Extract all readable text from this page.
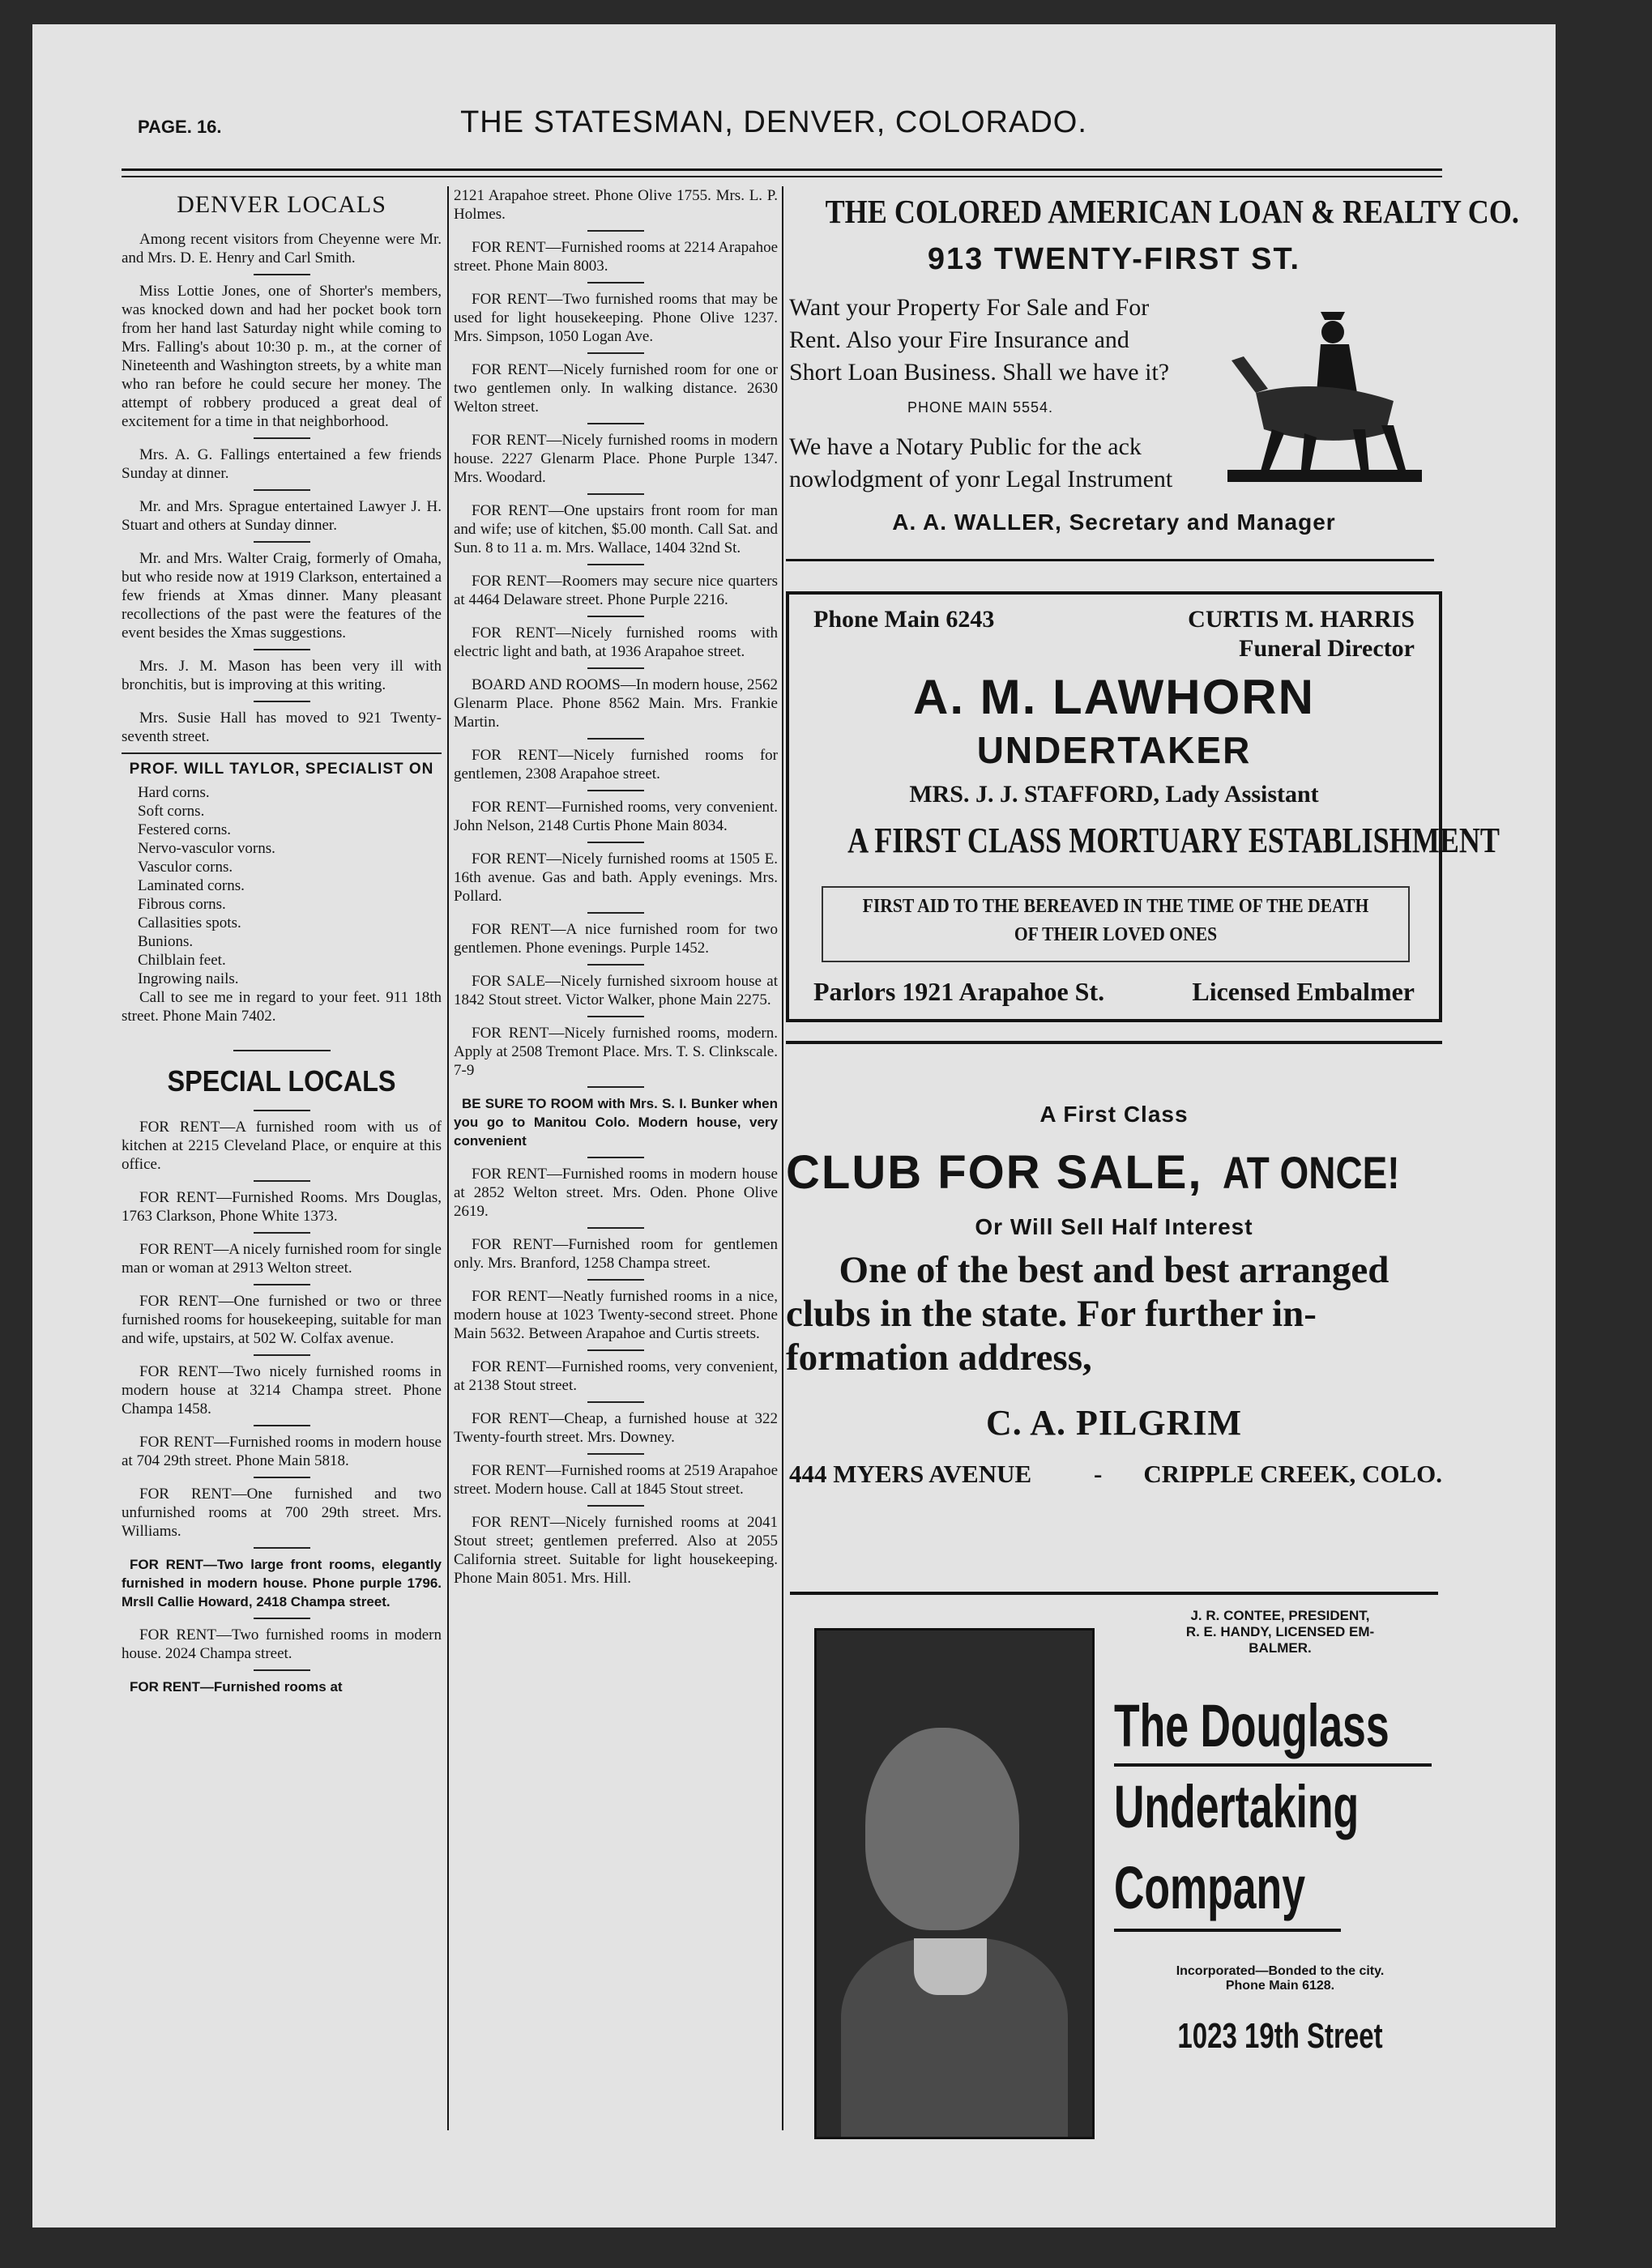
PAGE. 16.	THE STATESMAN, DENVER, COLORADO.
DENVER LOCALS

Among recent visitors from Cheyenne were Mr. and Mrs. D. E. Henry and Carl Smith.

Miss Lottie Jones, one of Shorter's members, was knocked down and had her pocket book torn from her hand last Saturday night while coming to Mrs. Falling's about 10:30 p. m., at the corner of Nineteenth and Washington streets, by a white man who ran before he could secure her money. The attempt of robbery produced a great deal of excitement for a time in that neighborhood.

Mrs. A. G. Fallings entertained a few friends Sunday at dinner.

Mr. and Mrs. Sprague entertained Lawyer J. H. Stuart and others at Sunday dinner.

Mr. and Mrs. Walter Craig, formerly of Omaha, but who reside now at 1919 Clarkson, entertained a few friends at Xmas dinner. Many pleasant recollections of the past were the features of the event besides the Xmas suggestions.

Mrs. J. M. Mason has been very ill with bronchitis, but is improving at this writing.

Mrs. Susie Hall has moved to 921 Twenty-seventh street.

PROF. WILL TAYLOR, SPECIALIST ON
Hard corns.
Soft corns.
Festered corns.
Nervo-vasculor vorns.
Vasculor corns.
Laminated corns.
Fibrous corns.
Callasities spots.
Bunions.
Chilblain feet.
Ingrowing nails.
Call to see me in regard to your feet. 911 18th street. Phone Main 7402.
SPECIAL LOCALS

FOR RENT—A furnished room with us of kitchen at 2215 Cleveland Place, or enquire at this office.

FOR RENT—Furnished Rooms. Mrs Douglas, 1763 Clarkson, Phone White 1373.

FOR RENT—A nicely furnished room for single man or woman at 2913 Welton street.

FOR RENT—One furnished or two or three furnished rooms for housekeeping, suitable for man and wife, upstairs, at 502 W. Colfax avenue.

FOR RENT—Two nicely furnished rooms in modern house at 3214 Champa street. Phone Champa 1458.

FOR RENT—Furnished rooms in modern house at 704 29th street. Phone Main 5818.

FOR RENT—One furnished and two unfurnished rooms at 700 29th street. Mrs. Williams.

FOR RENT—Two large front rooms, elegantly furnished in modern house. Phone purple 1796. Mrsll Callie Howard, 2418 Champa street.

FOR RENT—Two furnished rooms in modern house. 2024 Champa street.

FOR RENT—Furnished rooms at

2121 Arapahoe street. Phone Olive 1755. Mrs. L. P. Holmes.

FOR RENT—Furnished rooms at 2214 Arapahoe street. Phone Main 8003.

FOR RENT—Two furnished rooms that may be used for light housekeeping. Phone Olive 1237. Mrs. Simpson, 1050 Logan Ave.

FOR RENT—Nicely furnished room for one or two gentlemen only. In walking distance. 2630 Welton street.

FOR RENT—Nicely furnished rooms in modern house. 2227 Glenarm Place. Phone Purple 1347. Mrs. Woodard.

FOR RENT—One upstairs front room for man and wife; use of kitchen, $5.00 month. Call Sat. and Sun. 8 to 11 a. m. Mrs. Wallace, 1404 32nd St.

FOR RENT—Roomers may secure nice quarters at 4464 Delaware street. Phone Purple 2216.

FOR RENT—Nicely furnished rooms with electric light and bath, at 1936 Arapahoe street.

BOARD AND ROOMS—In modern house, 2562 Glenarm Place. Phone 8562 Main. Mrs. Frankie Martin.

FOR RENT—Nicely furnished rooms for gentlemen, 2308 Arapahoe street.

FOR RENT—Furnished rooms, very convenient. John Nelson, 2148 Curtis Phone Main 8034.

FOR RENT—Nicely furnished rooms at 1505 E. 16th avenue. Gas and bath. Apply evenings. Mrs. Pollard.

FOR RENT—A nice furnished room for two gentlemen. Phone evenings. Purple 1452.

FOR SALE—Nicely furnished sixroom house at 1842 Stout street. Victor Walker, phone Main 2275.

FOR RENT—Nicely furnished rooms, modern. Apply at 2508 Tremont Place. Mrs. T. S. Clinkscale. 7-9

BE SURE TO ROOM with Mrs. S. I. Bunker when you go to Manitou Colo. Modern house, very convenient

FOR RENT—Furnished rooms in modern house at 2852 Welton street. Mrs. Oden. Phone Olive 2619.

FOR RENT—Furnished room for gentlemen only. Mrs. Branford, 1258 Champa street.

FOR RENT—Neatly furnished rooms in a nice, modern house at 1023 Twenty-second street. Phone Main 5632. Between Arapahoe and Curtis streets.

FOR RENT—Furnished rooms, very convenient, at 2138 Stout street.

FOR RENT—Cheap, a furnished house at 322 Twenty-fourth street. Mrs. Downey.

FOR RENT—Furnished rooms at 2519 Arapahoe street. Modern house. Call at 1845 Stout street.

FOR RENT—Nicely furnished rooms at 2041 Stout street; gentlemen preferred. Also at 2055 California street. Suitable for light housekeeping. Phone Main 8051. Mrs. Hill.

THE COLORED AMERICAN LOAN & REALTY CO.
913 TWENTY-FIRST ST.
Want your Property For Sale and For
Rent. Also your Fire Insurance and
Short Loan Business. Shall we have it?
PHONE MAIN 5554.
We have a Notary Public for the ack
nowlodgment of yonr Legal Instrument
A. A. WALLER, Secretary and Manager
Phone Main 6243	CURTIS M. HARRIS
Funeral Director
A. M. LAWHORN
UNDERTAKER
MRS. J. J. STAFFORD, Lady Assistant
A FIRST CLASS MORTUARY ESTABLISHMENT
FIRST AID TO THE BEREAVED IN THE TIME OF THE DEATH
OF THEIR LOVED ONES
Parlors 1921 Arapahoe St.	Licensed Embalmer
A First Class
CLUB FOR SALE, AT ONCE!
Or Will Sell Half Interest
One of the best and best arranged
clubs in the state. For further in-
formation address,
C. A. PILGRIM
444 MYERS AVENUE - CRIPPLE CREEK, COLO.
J. R. CONTEE, PRESIDENT,
R. E. HANDY, LICENSED EM-
BALMER.
The Douglass
Undertaking
Company
Incorporated—Bonded to the city.
Phone Main 6128.
1023 19th Street
